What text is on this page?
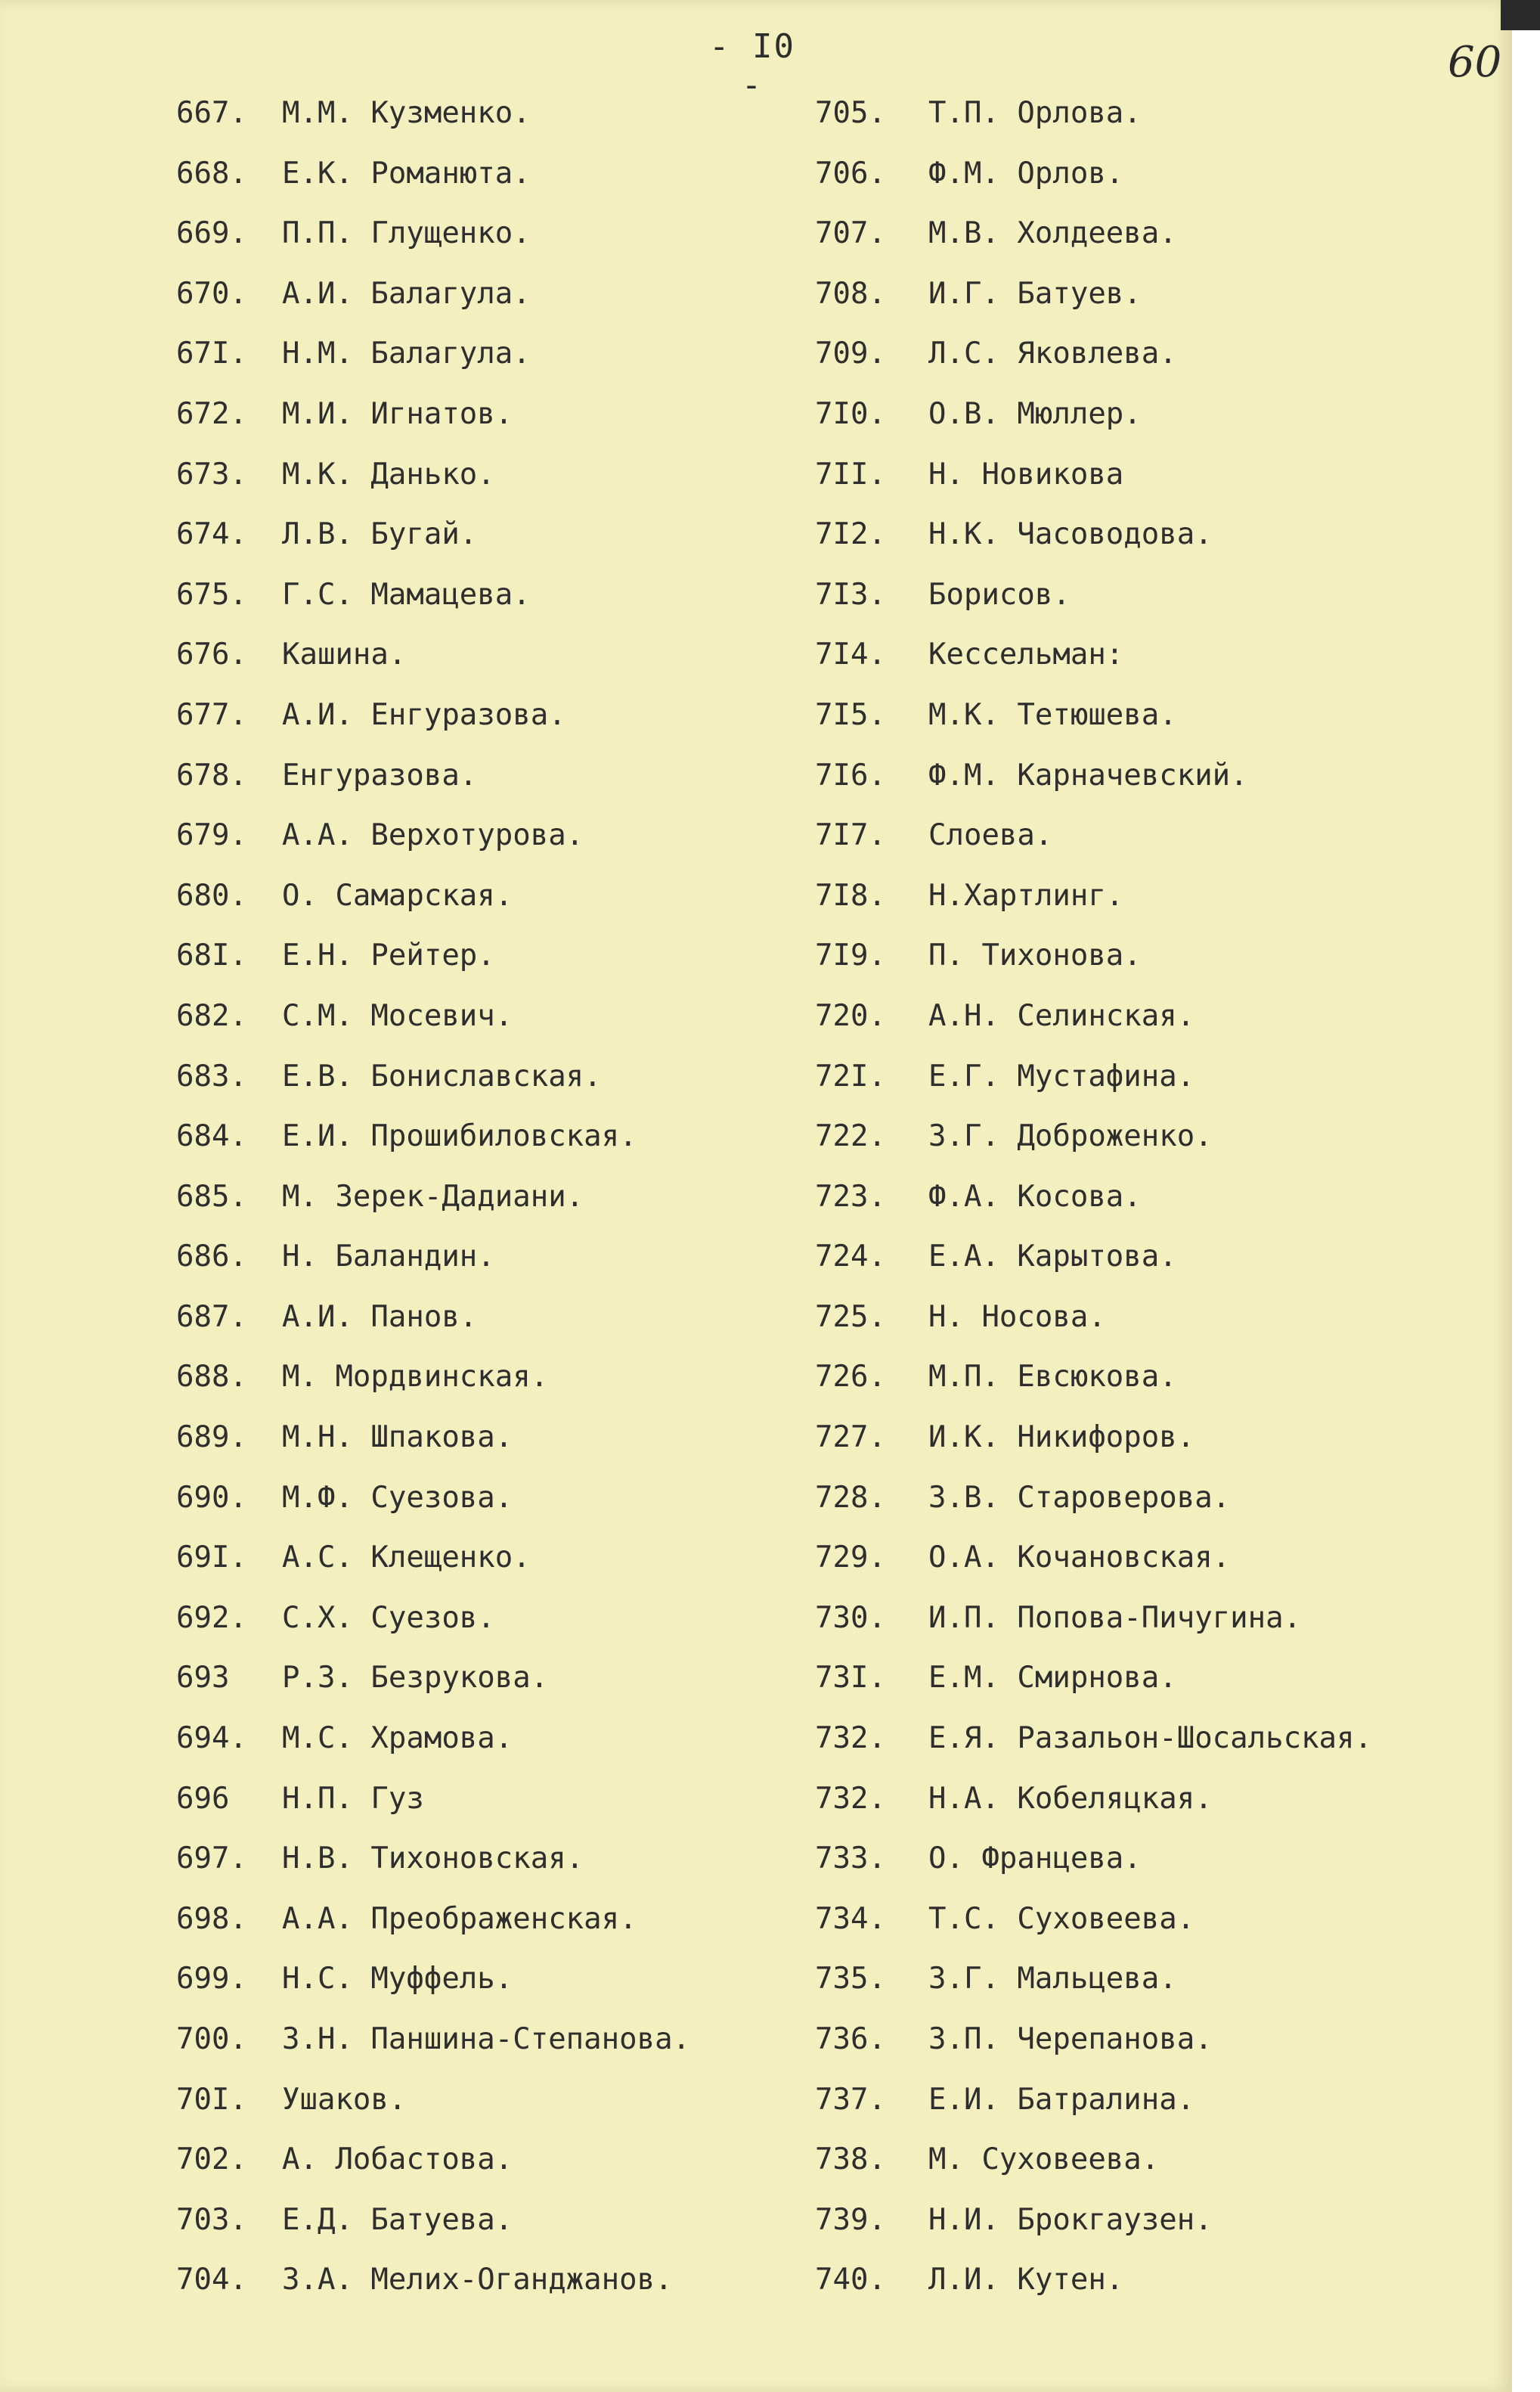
- I0 -	60
667. М.М. Кузменко.
668. Е.К. Романюта.
669. П.П. Глущенко.
670. А.И. Балагула.
67I. Н.М. Балагула.
672. М.И. Игнатов.
673. М.К. Данько.
674. Л.В. Бугай.
675. Г.С. Мамацева.
676. Кашина.
677. А.И. Енгуразова.
678. Енгуразова.
679. А.А. Верхотурова.
680. О. Самарская.
68I. Е.Н. Рейтер.
682. С.М. Мосевич.
683. Е.В. Бониславская.
684. Е.И. Прошибиловская.
685. М. Зерек-Дадиани.
686. Н. Баландин.
687. А.И. Панов.
688. М. Мордвинская.
689. М.Н. Шпакова.
690. М.Ф. Суезова.
69I. А.С. Клещенко.
692. С.Х. Суезов.
693 Р.З. Безрукова.
694. М.С. Храмова.
696 Н.П. Гуз
697. Н.В. Тихоновская.
698. А.А. Преображенская.
699. Н.С. Муффель.
700. З.Н. Паншина-Степанова.
70I. Ушаков.
702. А. Лобастова.
703. Е.Д. Батуева.
704. З.А. Мелих-Оганджанов.
705. Т.П. Орлова.
706. Ф.М. Орлов.
707. М.В. Холдеева.
708. И.Г. Батуев.
709. Л.С. Яковлева.
7I0. О.В. Мюллер.
7II. Н. Новикова
7I2. Н.К. Часоводова.
7I3. Борисов.
7I4. Кессельман:
7I5. М.К. Тетюшева.
7I6. Ф.М. Карначевский.
7I7. Слоева.
7I8. Н.Хартлинг.
7I9. П. Тихонова.
720. А.Н. Селинская.
72I. Е.Г. Мустафина.
722. З.Г. Доброженко.
723. Ф.А. Косова.
724. Е.А. Карытова.
725. Н. Носова.
726. М.П. Евсюкова.
727. И.К. Никифоров.
728. З.В. Староверова.
729. О.А. Кочановская.
730. И.П. Попова-Пичугина.
73I. Е.М. Смирнова.
732. Е.Я. Разальон-Шосальская.
732. Н.А. Кобеляцкая.
733. О. Францева.
734. Т.С. Суховеева.
735. З.Г. Мальцева.
736. З.П. Черепанова.
737. Е.И. Батралина.
738. М. Суховеева.
739. Н.И. Брокгаузен.
740. Л.И. Кутен.
